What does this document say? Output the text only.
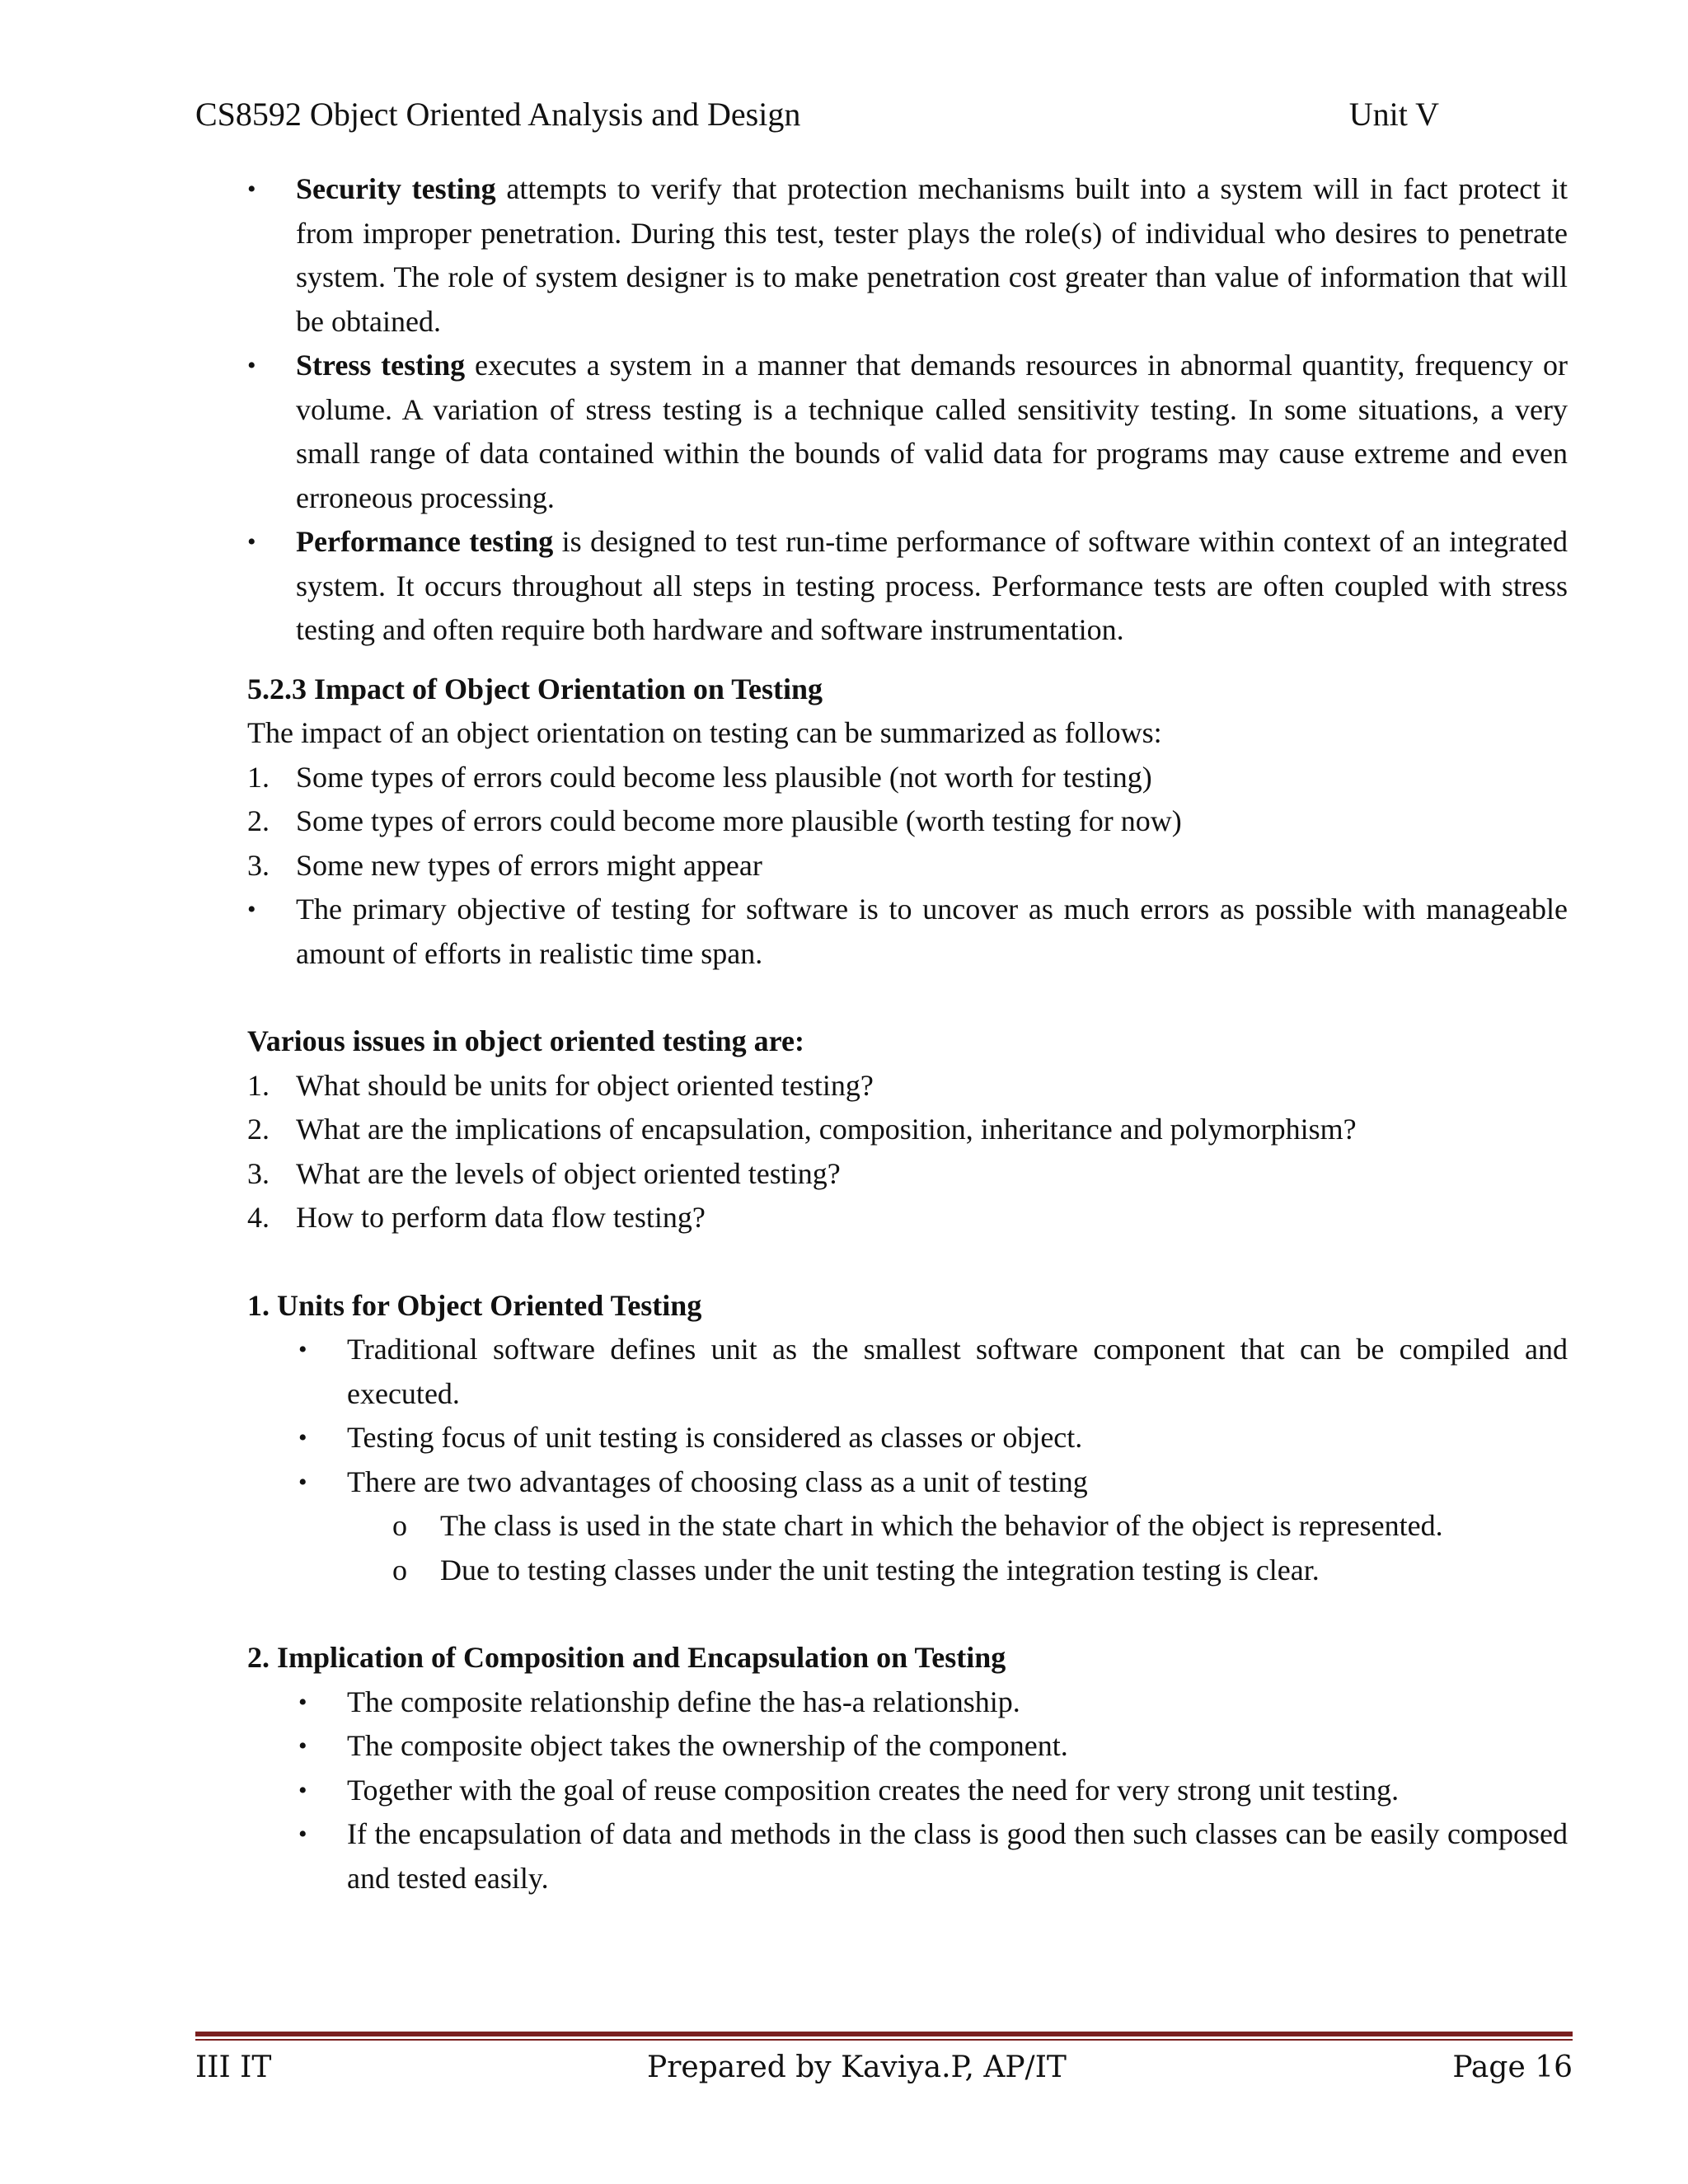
CS8592 Object Oriented Analysis and Design	Unit V
• Security testing attempts to verify that protection mechanisms built into a system will in fact protect it from improper penetration. During this test, tester plays the role(s) of individual who desires to penetrate system. The role of system designer is to make penetration cost greater than value of information that will be obtained.
• Stress testing executes a system in a manner that demands resources in abnormal quantity, frequency or volume. A variation of stress testing is a technique called sensitivity testing. In some situations, a very small range of data contained within the bounds of valid data for programs may cause extreme and even erroneous processing.
• Performance testing is designed to test run-time performance of software within context of an integrated system. It occurs throughout all steps in testing process. Performance tests are often coupled with stress testing and often require both hardware and software instrumentation.
5.2.3 Impact of Object Orientation on Testing
The impact of an object orientation on testing can be summarized as follows:
1. Some types of errors could become less plausible (not worth for testing)
2. Some types of errors could become more plausible (worth testing for now)
3. Some new types of errors might appear
• The primary objective of testing for software is to uncover as much errors as possible with manageable amount of efforts in realistic time span.
Various issues in object oriented testing are:
1. What should be units for object oriented testing?
2. What are the implications of encapsulation, composition, inheritance and polymorphism?
3. What are the levels of object oriented testing?
4. How to perform data flow testing?
1. Units for Object Oriented Testing
• Traditional software defines unit as the smallest software component that can be compiled and executed.
• Testing focus of unit testing is considered as classes or object.
• There are two advantages of choosing class as a unit of testing
o The class is used in the state chart in which the behavior of the object is represented.
o Due to testing classes under the unit testing the integration testing is clear.
2. Implication of Composition and Encapsulation on Testing
• The composite relationship define the has-a relationship.
• The composite object takes the ownership of the component.
• Together with the goal of reuse composition creates the need for very strong unit testing.
• If the encapsulation of data and methods in the class is good then such classes can be easily composed and tested easily.
III IT	Prepared by Kaviya.P, AP/IT	Page 16
